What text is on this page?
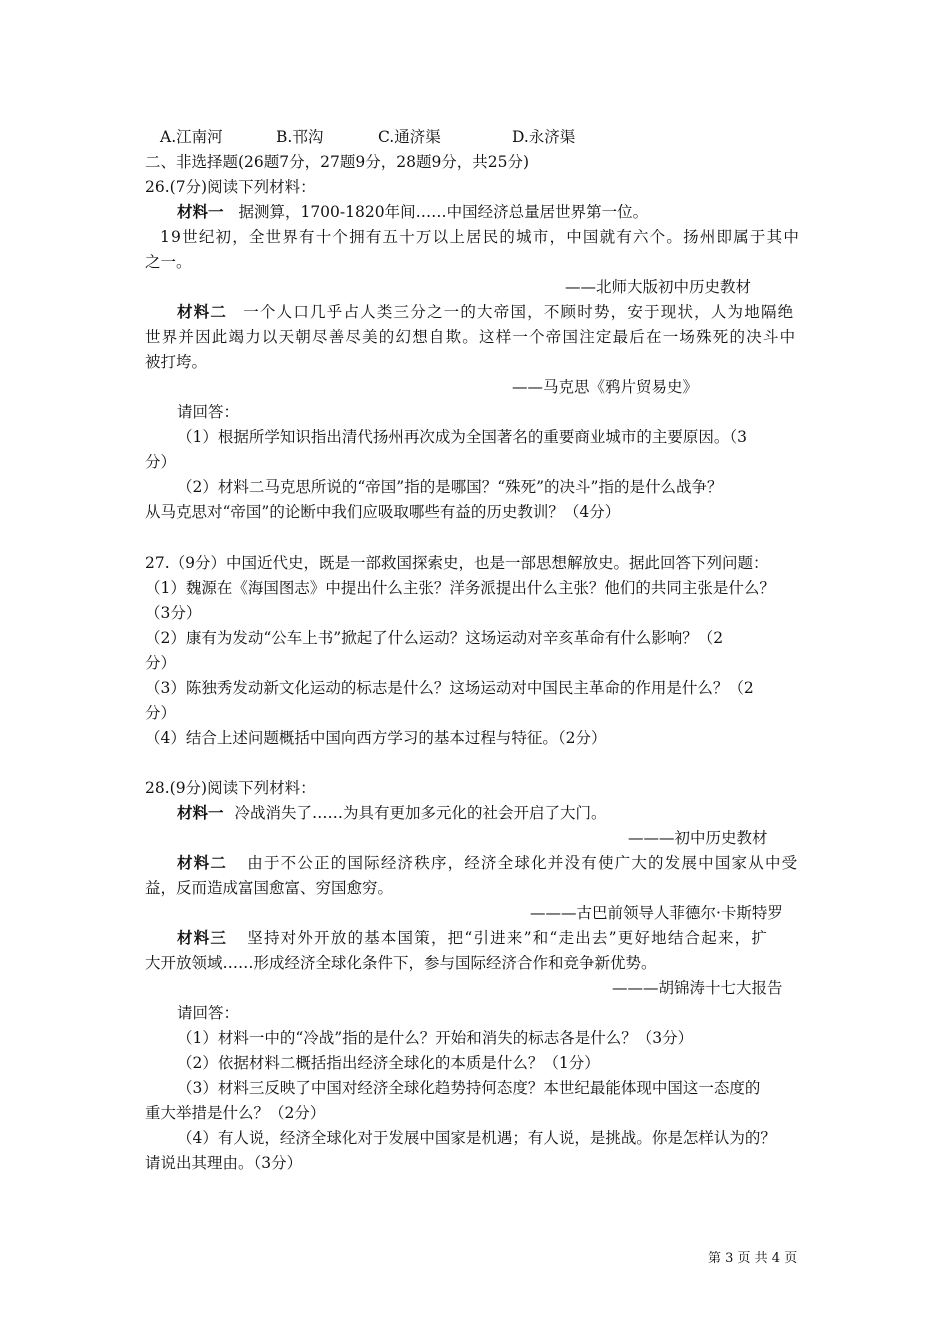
A.江南河	B.邗沟	C.通济渠	D.永济渠
二、非选择题(26题7分，27题9分，28题9分，共25分)
26.(7分)阅读下列材料：
材料一 据测算，1700-1820年间……中国经济总量居世界第一位。
19世纪初，全世界有十个拥有五十万以上居民的城市，中国就有六个。扬州即属于其中
之一。
——北师大版初中历史教材
材料二 一个人口几乎占人类三分之一的大帝国，不顾时势，安于现状，人为地隔绝
世界并因此竭力以天朝尽善尽美的幻想自欺。这样一个帝国注定最后在一场殊死的决斗中
被打垮。
——马克思《鸦片贸易史》
请回答：
（1）根据所学知识指出清代扬州再次成为全国著名的重要商业城市的主要原因。（3
分）
（2）材料二马克思所说的“帝国”指的是哪国？“殊死”的决斗”指的是什么战争？
从马克思对“帝国”的论断中我们应吸取哪些有益的历史教训？（4分）
27.（9分）中国近代史，既是一部救国探索史，也是一部思想解放史。据此回答下列问题：
（1）魏源在《海国图志》中提出什么主张？洋务派提出什么主张？他们的共同主张是什么？
（3分）
（2）康有为发动“公车上书”掀起了什么运动？这场运动对辛亥革命有什么影响？（2
分）
（3）陈独秀发动新文化运动的标志是什么？这场运动对中国民主革命的作用是什么？（2
分）
（4）结合上述问题概括中国向西方学习的基本过程与特征。（2分）
28.(9分)阅读下列材料：
材料一 冷战消失了……为具有更加多元化的社会开启了大门。
———初中历史教材
材料二 由于不公正的国际经济秩序，经济全球化并没有使广大的发展中国家从中受
益，反而造成富国愈富、穷国愈穷。
———古巴前领导人菲德尔·卡斯特罗
材料三 坚持对外开放的基本国策，把“引进来”和“走出去”更好地结合起来，扩
大开放领域……形成经济全球化条件下，参与国际经济合作和竞争新优势。
———胡锦涛十七大报告
请回答：
（1）材料一中的“冷战”指的是什么？开始和消失的标志各是什么？（3分）
（2）依据材料二概括指出经济全球化的本质是什么？（1分）
（3）材料三反映了中国对经济全球化趋势持何态度？本世纪最能体现中国这一态度的
重大举措是什么？（2分）
（4）有人说，经济全球化对于发展中国家是机遇；有人说，是挑战。你是怎样认为的？
请说出其理由。（3分）
第 3 页 共 4 页
